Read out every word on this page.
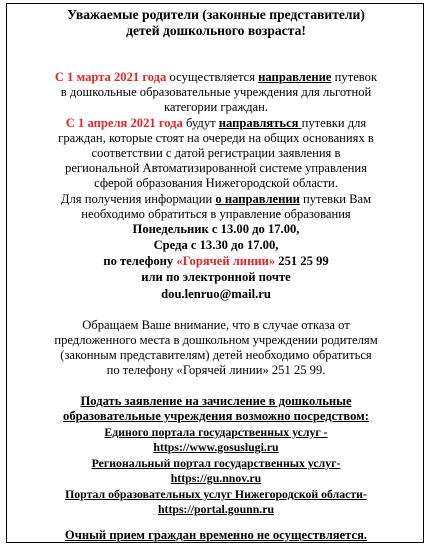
Уважаемые родители (законные представители)
детей дошкольного возраста!
С 1 марта 2021 года осуществляется направление путевок
в дошкольные образовательные учреждения для льготной
категории граждан.
С 1 апреля 2021 года будут направляться путевки для
граждан, которые стоят на очереди на общих основаниях в
соответствии с датой регистрации заявления в
региональной Автоматизированной системе управления
сферой образования Нижегородской области.
Для получения информации о направлении путевки Вам
необходимо обратиться в управление образования
Понедельник с 13.00 до 17.00,
Среда с 13.30 до 17.00,
по телефону «Горячей линии» 251 25 99
или по электронной почте
dou.lenruo@mail.ru
Обращаем Ваше внимание, что в случае отказа от
предложенного места в дошкольном учреждении родителям
(законным представителям) детей необходимо обратиться
по телефону «Горячей линии» 251 25 99.
Подать заявление на зачисление в дошкольные
образовательные учреждения возможно посредством:
Единого портала государственных услуг -
https://www.gosuslugi.ru
Региональный портал государственных услуг-
https://gu.nnov.ru
Портал образовательных услуг Нижегородской области-
https://portal.gounn.ru
Очный прием граждан временно не осуществляется.
